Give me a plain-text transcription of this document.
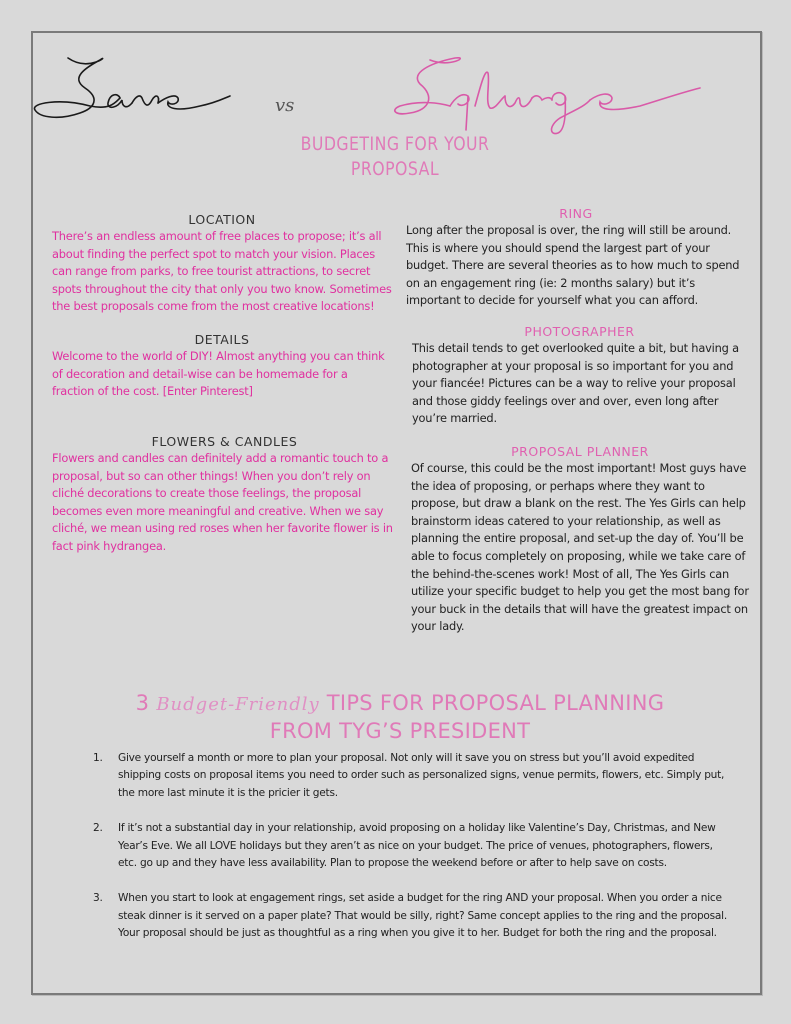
vs
BUDGETING FOR YOUR
PROPOSAL
LOCATION

There’s an endless amount of free places to propose; it’s all about finding the perfect spot to match your vision. Places can range from parks, to free tourist attractions, to secret spots throughout the city that only you two know. Sometimes the best proposals come from the most creative locations!

DETAILS

Welcome to the world of DIY! Almost anything you can think of decoration and detail-wise can be homemade for a fraction of the cost. [Enter Pinterest]

FLOWERS & CANDLES

Flowers and candles can definitely add a romantic touch to a proposal, but so can other things! When you don’t rely on cliché decorations to create those feelings, the proposal becomes even more meaningful and creative. When we say cliché, we mean using red roses when her favorite flower is in fact pink hydrangea.

RING

Long after the proposal is over, the ring will still be around. This is where you should spend the largest part of your budget. There are several theories as to how much to spend on an engagement ring (ie: 2 months salary) but it’s important to decide for yourself what you can afford.

PHOTOGRAPHER

This detail tends to get overlooked quite a bit, but having a photographer at your proposal is so important for you and your fiancée! Pictures can be a way to relive your proposal and those giddy feelings over and over, even long after you’re married.

PROPOSAL PLANNER

Of course, this could be the most important! Most guys have the idea of proposing, or perhaps where they want to propose, but draw a blank on the rest. The Yes Girls can help brainstorm ideas catered to your relationship, as well as planning the entire proposal, and set-up the day of. You’ll be able to focus completely on proposing, while we take care of the behind-the-scenes work! Most of all, The Yes Girls can utilize your specific budget to help you get the most bang for your buck in the details that will have the greatest impact on your lady.

3 Budget-Friendly TIPS FOR PROPOSAL PLANNING
FROM TYG’S PRESIDENT
1. Give yourself a month or more to plan your proposal. Not only will it save you on stress but you’ll avoid expedited shipping costs on proposal items you need to order such as personalized signs, venue permits, flowers, etc. Simply put, the more last minute it is the pricier it gets.
2. If it’s not a substantial day in your relationship, avoid proposing on a holiday like Valentine’s Day, Christmas, and New Year’s Eve. We all LOVE holidays but they aren’t as nice on your budget. The price of venues, photographers, flowers, etc. go up and they have less availability. Plan to propose the weekend before or after to help save on costs.
3. When you start to look at engagement rings, set aside a budget for the ring AND your proposal. When you order a nice steak dinner is it served on a paper plate? That would be silly, right? Same concept applies to the ring and the proposal. Your proposal should be just as thoughtful as a ring when you give it to her. Budget for both the ring and the proposal.
